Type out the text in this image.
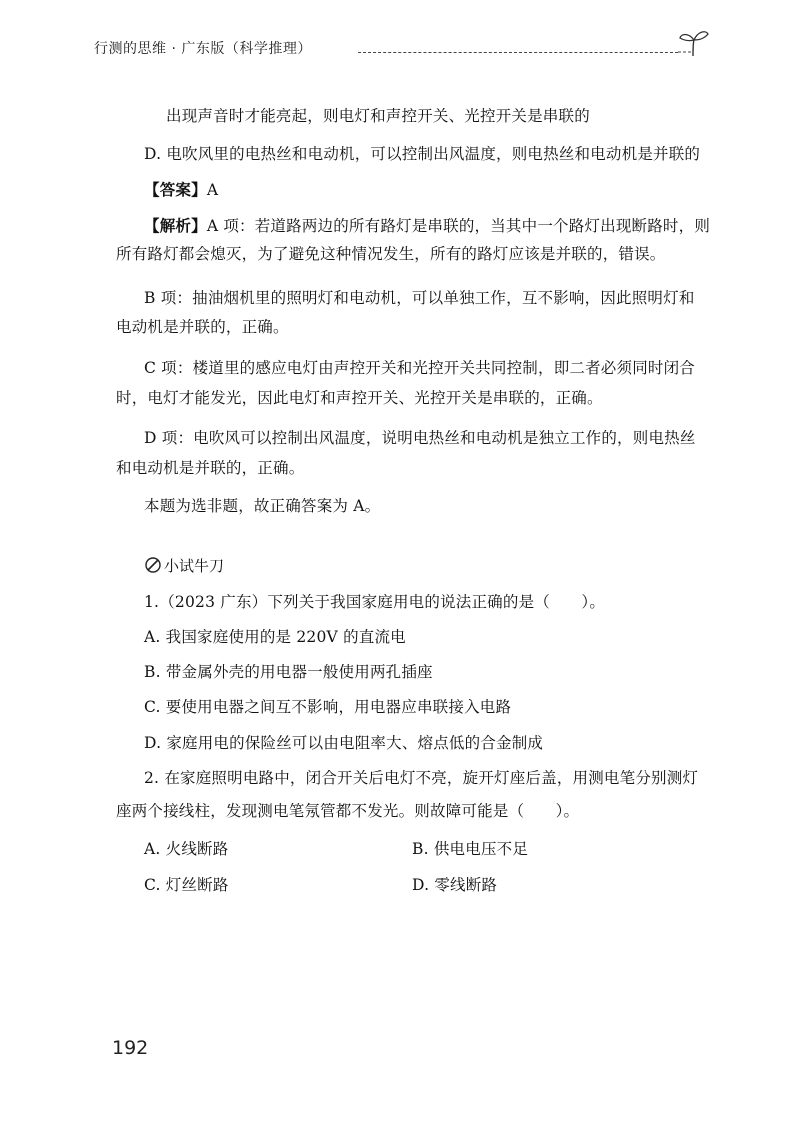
行测的思维 · 广东版（科学推理）
出现声音时才能亮起，则电灯和声控开关、光控开关是串联的
D. 电吹风里的电热丝和电动机，可以控制出风温度，则电热丝和电动机是并联的
【答案】A
【解析】A 项：若道路两边的所有路灯是串联的，当其中一个路灯出现断路时，则
所有路灯都会熄灭，为了避免这种情况发生，所有的路灯应该是并联的，错误。
B 项：抽油烟机里的照明灯和电动机，可以单独工作，互不影响，因此照明灯和
电动机是并联的，正确。
C 项：楼道里的感应电灯由声控开关和光控开关共同控制，即二者必须同时闭合
时，电灯才能发光，因此电灯和声控开关、光控开关是串联的，正确。
D 项：电吹风可以控制出风温度，说明电热丝和电动机是独立工作的，则电热丝
和电动机是并联的，正确。
本题为选非题，故正确答案为 A。
小试牛刀
1.（2023 广东）下列关于我国家庭用电的说法正确的是（　　）。
A. 我国家庭使用的是 220V 的直流电
B. 带金属外壳的用电器一般使用两孔插座
C. 要使用电器之间互不影响，用电器应串联接入电路
D. 家庭用电的保险丝可以由电阻率大、熔点低的合金制成
2. 在家庭照明电路中，闭合开关后电灯不亮，旋开灯座后盖，用测电笔分别测灯
座两个接线柱，发现测电笔氖管都不发光。则故障可能是（　　）。
A. 火线断路	B. 供电电压不足
C. 灯丝断路	D. 零线断路
192
